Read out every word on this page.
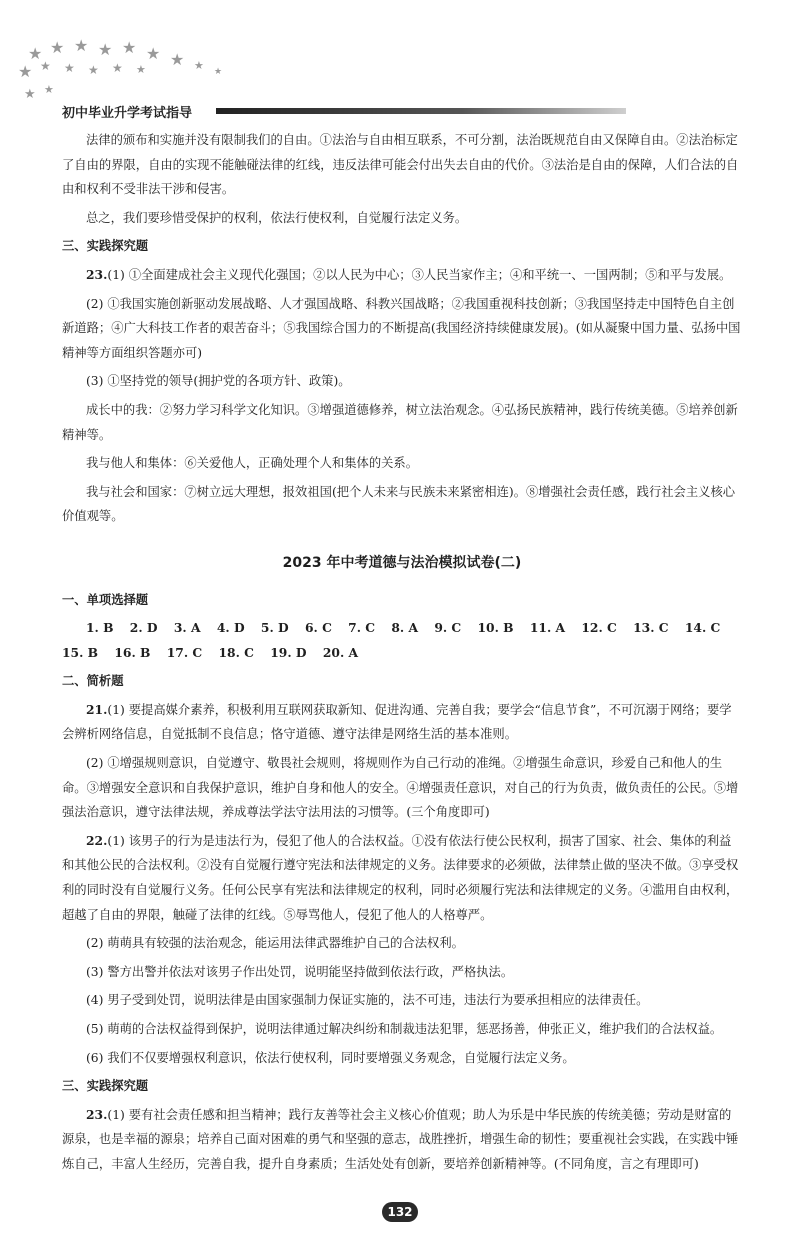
★ ★ ★ ★ ★ ★ ★ ★ ★
★ ★ ★ ★ ★ ★
★
★
初中毕业升学考试指导

法律的颁布和实施并没有限制我们的自由。①法治与自由相互联系，不可分割，法治既规范自由又保障自由。②法治标定了自由的界限，自由的实现不能触碰法律的红线，违反法律可能会付出失去自由的代价。③法治是自由的保障，人们合法的自由和权利不受非法干涉和侵害。

总之，我们要珍惜受保护的权利，依法行使权利，自觉履行法定义务。

三、实践探究题

23.(1) ①全面建成社会主义现代化强国；②以人民为中心；③人民当家作主；④和平统一、一国两制；⑤和平与发展。

(2) ①我国实施创新驱动发展战略、人才强国战略、科教兴国战略；②我国重视科技创新；③我国坚持走中国特色自主创新道路；④广大科技工作者的艰苦奋斗；⑤我国综合国力的不断提高(我国经济持续健康发展)。(如从凝聚中国力量、弘扬中国精神等方面组织答题亦可)

(3) ①坚持党的领导(拥护党的各项方针、政策)。

成长中的我：②努力学习科学文化知识。③增强道德修养，树立法治观念。④弘扬民族精神，践行传统美德。⑤培养创新精神等。

我与他人和集体：⑥关爱他人，正确处理个人和集体的关系。

我与社会和国家：⑦树立远大理想，报效祖国(把个人未来与民族未来紧密相连)。⑧增强社会责任感，践行社会主义核心价值观等。

2023 年中考道德与法治模拟试卷(二)
一、单项选择题

1. B 2. D 3. A 4. D 5. D 6. C 7. C 8. A 9. C 10. B 11. A 12. C 13. C 14. C 15. B 16. B 17. C 18. C 19. D 20. A

二、简析题

21.(1) 要提高媒介素养，积极利用互联网获取新知、促进沟通、完善自我；要学会“信息节食”，不可沉溺于网络；要学会辨析网络信息，自觉抵制不良信息；恪守道德、遵守法律是网络生活的基本准则。

(2) ①增强规则意识，自觉遵守、敬畏社会规则，将规则作为自己行动的准绳。②增强生命意识，珍爱自己和他人的生命。③增强安全意识和自我保护意识，维护自身和他人的安全。④增强责任意识，对自己的行为负责，做负责任的公民。⑤增强法治意识，遵守法律法规，养成尊法学法守法用法的习惯等。(三个角度即可)

22.(1) 该男子的行为是违法行为，侵犯了他人的合法权益。①没有依法行使公民权利，损害了国家、社会、集体的利益和其他公民的合法权利。②没有自觉履行遵守宪法和法律规定的义务。法律要求的必须做，法律禁止做的坚决不做。③享受权利的同时没有自觉履行义务。任何公民享有宪法和法律规定的权利，同时必须履行宪法和法律规定的义务。④滥用自由权利，超越了自由的界限，触碰了法律的红线。⑤辱骂他人，侵犯了他人的人格尊严。

(2) 萌萌具有较强的法治观念，能运用法律武器维护自己的合法权利。

(3) 警方出警并依法对该男子作出处罚，说明能坚持做到依法行政，严格执法。

(4) 男子受到处罚，说明法律是由国家强制力保证实施的，法不可违，违法行为要承担相应的法律责任。

(5) 萌萌的合法权益得到保护，说明法律通过解决纠纷和制裁违法犯罪，惩恶扬善，伸张正义，维护我们的合法权益。

(6) 我们不仅要增强权利意识，依法行使权利，同时要增强义务观念，自觉履行法定义务。

三、实践探究题

23.(1) 要有社会责任感和担当精神；践行友善等社会主义核心价值观；助人为乐是中华民族的传统美德；劳动是财富的源泉，也是幸福的源泉；培养自己面对困难的勇气和坚强的意志，战胜挫折，增强生命的韧性；要重视社会实践，在实践中锤炼自己，丰富人生经历，完善自我，提升自身素质；生活处处有创新，要培养创新精神等。(不同角度，言之有理即可)

132
